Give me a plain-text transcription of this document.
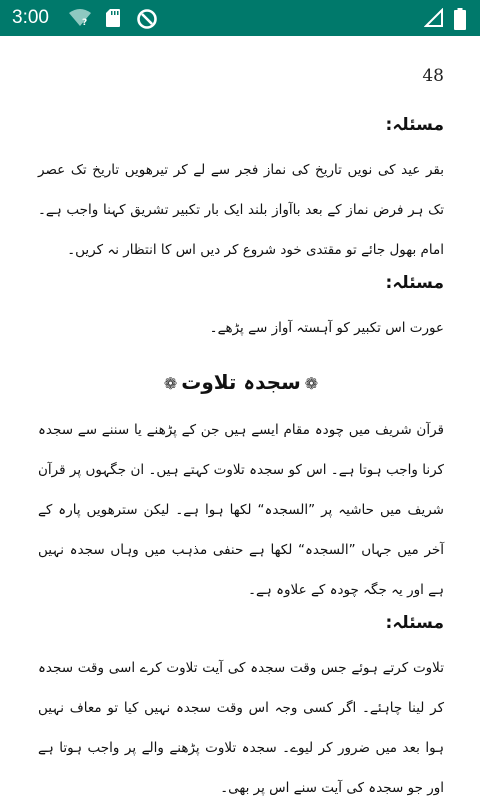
3:00	?
48
مسئلہ:

بقر عید کی نویں تاریخ کی نماز فجر سے لے کر تیرھویں تاریخ تک عصر تک ہر فرض نماز کے بعد باآواز بلند ایک بار تکبیر تشریق کہنا واجب ہے۔ امام بھول جائے تو مقتدی خود شروع کر دیں اس کا انتظار نہ کریں۔

مسئلہ:

عورت اس تکبیر کو آہستہ آواز سے پڑھے۔

❁سجدہ تلاوت❁

قرآن شریف میں چودہ مقام ایسے ہیں جن کے پڑھنے یا سننے سے سجدہ کرنا واجب ہوتا ہے۔ اس کو سجدہ تلاوت کہتے ہیں۔ ان جگہوں پر قرآن شریف میں حاشیہ پر ”السجدہ“ لکھا ہوا ہے۔ لیکن سترھویں پارہ کے آخر میں جہاں ”السجدہ“ لکھا ہے حنفی مذہب میں وہاں سجدہ نہیں ہے اور یہ جگہ چودہ کے علاوہ ہے۔

مسئلہ:

تلاوت کرتے ہوئے جس وقت سجدہ کی آیت تلاوت کرے اسی وقت سجدہ کر لینا چاہئے۔ اگر کسی وجہ اس وقت سجدہ نہیں کیا تو معاف نہیں ہوا بعد میں ضرور کر لیوے۔ سجدہ تلاوت پڑھنے والے پر واجب ہوتا ہے اور جو سجدہ کی آیت سنے اس پر بھی۔
